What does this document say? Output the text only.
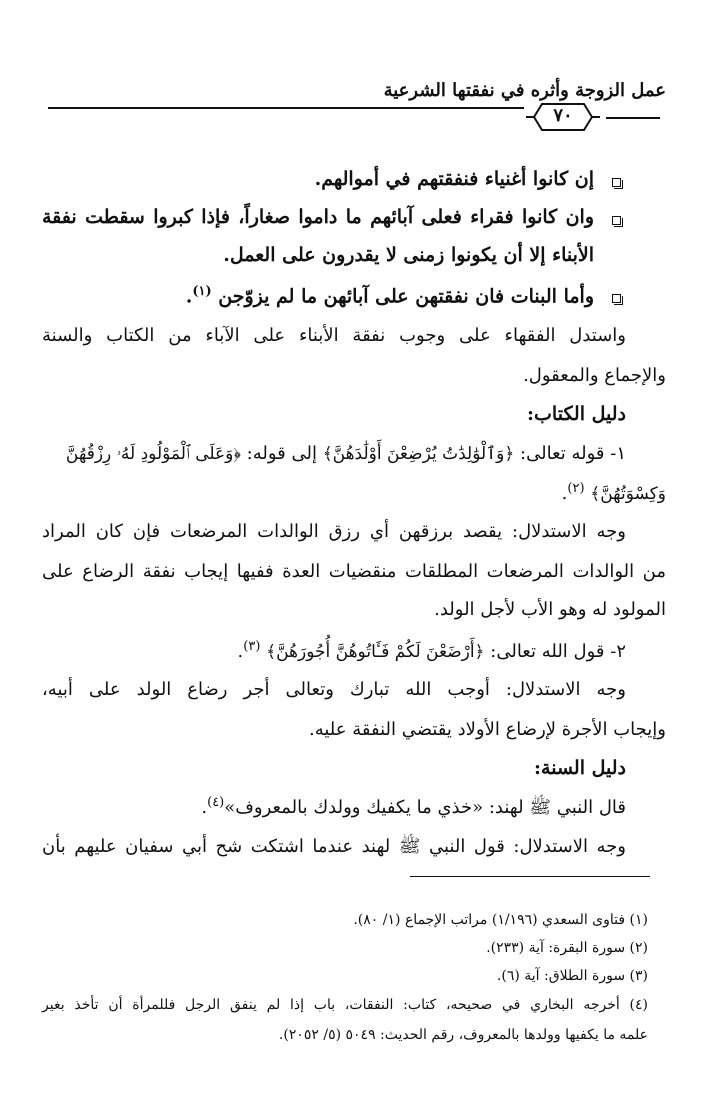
عمل الزوجة وأثره في نفقتها الشرعية
٧٠
إن كانوا أغنياء فنفقتهم في أموالهم.
وان كانوا فقراء فعلى آبائهم ما داموا صغاراً، فإذا كبروا سقطت نفقة
الأبناء إلا أن يكونوا زمنى لا يقدرون على العمل.
وأما البنات فان نفقتهن على آبائهن ما لم يزوّجن $^{(١)}$.
واستدل الفقهاء على وجوب نفقة الأبناء على الآباء من الكتاب والسنة
والإجماع والمعقول.
دليل الكتاب:
١- قوله تعالى: ﴿وَٱلْوَٰلِدَٰتُ يُرْضِعْنَ أَوْلَٰدَهُنَّ﴾ إلى قوله: ﴿وَعَلَى ٱلْمَوْلُودِ لَهُۥ رِزْقُهُنَّ
وَكِسْوَتُهُنَّ﴾ $^{(٢)}$.
وجه الاستدلال: يقصد برزقهن أي رزق الوالدات المرضعات فإن كان المراد
من الوالدات المرضعات المطلقات منقضيات العدة ففيها إيجاب نفقة الرضاع على
المولود له وهو الأب لأجل الولد.
٢- قول الله تعالى: ﴿أَرْضَعْنَ لَكُمْ فَـَٔاتُوهُنَّ أُجُورَهُنَّ﴾ $^{(٣)}$.
وجه الاستدلال: أوجب الله تبارك وتعالى أجر رضاع الولد على أبيه،
وإيجاب الأجرة لإرضاع الأولاد يقتضي النفقة عليه.
دليل السنة:
قال النبي ﷺ لهند: «خذي ما يكفيك وولدك بالمعروف»$^{(٤)}$.
وجه الاستدلال: قول النبي ﷺ لهند عندما اشتكت شح أبي سفيان عليهم بأن
(١) فتاوى السعدي (١/١٩٦) مراتب الإجماع (١/ ٨٠).
(٢) سورة البقرة: آية (٢٣٣).
(٣) سورة الطلاق: آية (٦).
(٤) أخرجه البخاري في صحيحه، كتاب: النفقات، باب إذا لم ينفق الرجل فللمرأة أن تأخذ بغير
علمه ما يكفيها وولدها بالمعروف، رقم الحديث: ٥٠٤٩ (٥/ ٢٠٥٢).
